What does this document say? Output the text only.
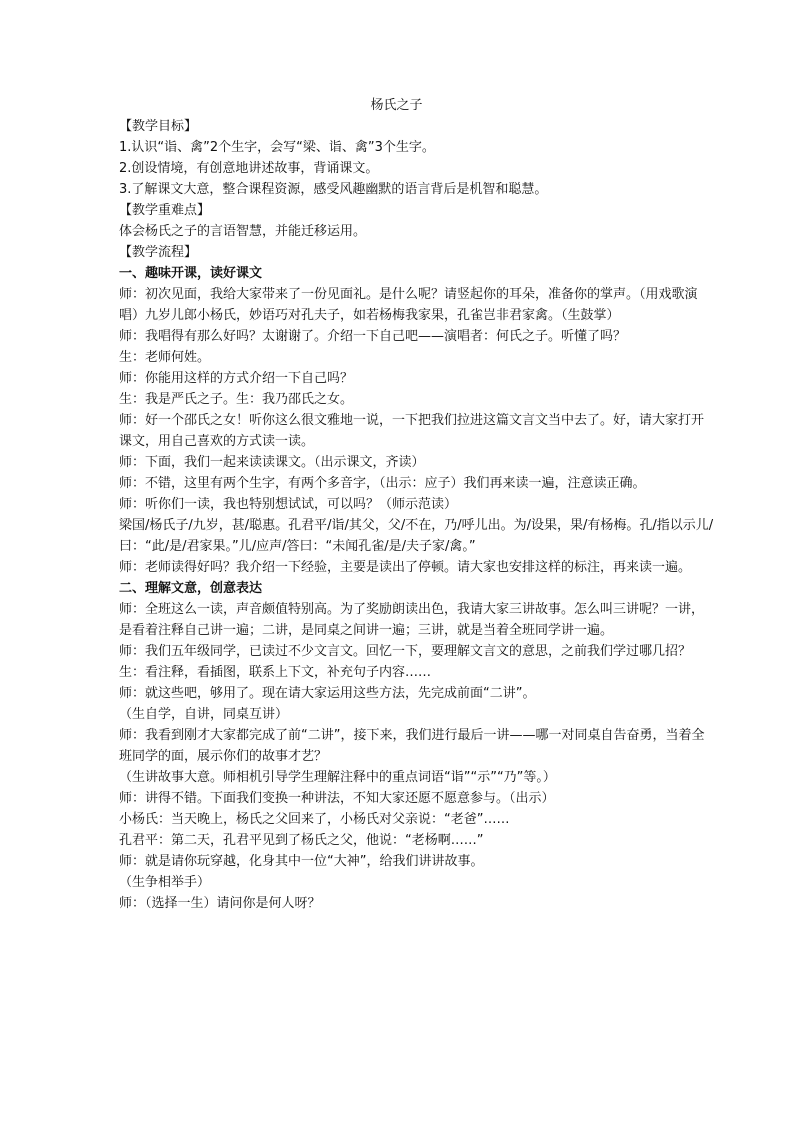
杨氏之子

【教学目标】

1.认识“诣、禽”2个生字，会写“梁、诣、禽”3个生字。

2.创设情境，有创意地讲述故事，背诵课文。

3.了解课文大意，整合课程资源，感受风趣幽默的语言背后是机智和聪慧。

【教学重难点】

体会杨氏之子的言语智慧，并能迁移运用。

【教学流程】

一、趣味开课，读好课文

师：初次见面，我给大家带来了一份见面礼。是什么呢？请竖起你的耳朵，准备你的掌声。（用戏歌演唱）九岁儿郎小杨氏，妙语巧对孔夫子，如若杨梅我家果，孔雀岂非君家禽。（生鼓掌）

师：我唱得有那么好吗？太谢谢了。介绍一下自己吧——演唱者：何氏之子。听懂了吗？

生：老师何姓。

师：你能用这样的方式介绍一下自己吗？

生：我是严氏之子。生：我乃邵氏之女。

师：好一个邵氏之女！听你这么很文雅地一说，一下把我们拉进这篇文言文当中去了。好，请大家打开课文，用自己喜欢的方式读一读。

师：下面，我们一起来读读课文。（出示课文，齐读）

师：不错，这里有两个生字，有两个多音字，（出示：应子）我们再来读一遍，注意读正确。

师：听你们一读，我也特别想试试，可以吗？（师示范读）

梁国/杨氏子/九岁，甚/聪惠。孔君平/诣/其父，父/不在，乃/呼儿出。为/设果，果/有杨梅。孔/指以示儿/曰：“此/是/君家果。”儿/应声/答曰：“未闻孔雀/是/夫子家/禽。”

师：老师读得好吗？我介绍一下经验，主要是读出了停顿。请大家也安排这样的标注，再来读一遍。

二、理解文意，创意表达

师：全班这么一读，声音颇值特别高。为了奖励朗读出色，我请大家三讲故事。怎么叫三讲呢？一讲，是看着注释自己讲一遍；二讲，是同桌之间讲一遍；三讲，就是当着全班同学讲一遍。

师：我们五年级同学，已读过不少文言文。回忆一下，要理解文言文的意思，之前我们学过哪几招？

生：看注释，看插图，联系上下文，补充句子内容……

师：就这些吧，够用了。现在请大家运用这些方法，先完成前面“二讲”。

（生自学，自讲，同桌互讲）

师：我看到刚才大家都完成了前“二讲”，接下来，我们进行最后一讲——哪一对同桌自告奋勇，当着全班同学的面，展示你们的故事才艺？

（生讲故事大意。师相机引导学生理解注释中的重点词语“诣”“示”“乃”等。）

师：讲得不错。下面我们变换一种讲法，不知大家还愿不愿意参与。（出示）

小杨氏：当天晚上，杨氏之父回来了，小杨氏对父亲说：“老爸”……

孔君平：第二天，孔君平见到了杨氏之父，他说：“老杨啊……”

师：就是请你玩穿越，化身其中一位“大神”，给我们讲讲故事。

（生争相举手）

师：（选择一生）请问你是何人呀？
